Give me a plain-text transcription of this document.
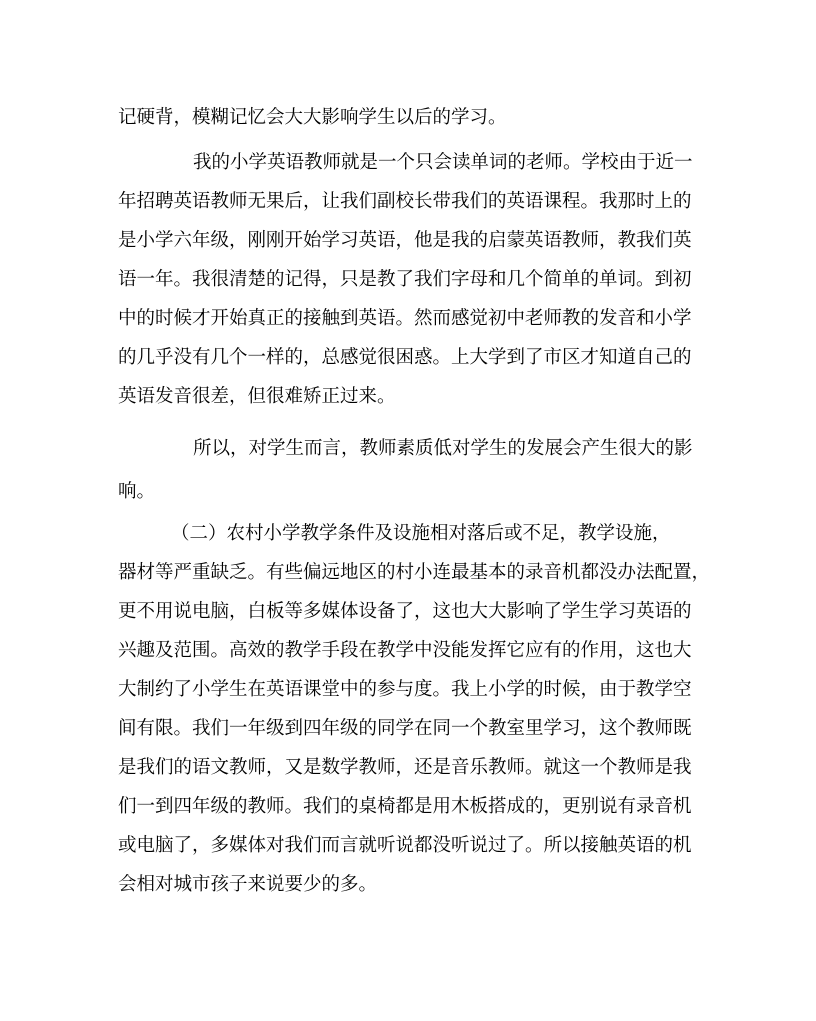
记硬背，模糊记忆会大大影响学生以后的学习。
我的小学英语教师就是一个只会读单词的老师。学校由于近一
年招聘英语教师无果后，让我们副校长带我们的英语课程。我那时上的
是小学六年级，刚刚开始学习英语，他是我的启蒙英语教师，教我们英
语一年。我很清楚的记得，只是教了我们字母和几个简单的单词。到初
中的时候才开始真正的接触到英语。然而感觉初中老师教的发音和小学
的几乎没有几个一样的，总感觉很困惑。上大学到了市区才知道自己的
英语发音很差，但很难矫正过来。
所以，对学生而言，教师素质低对学生的发展会产生很大的影
响。
（二）农村小学教学条件及设施相对落后或不足，教学设施，
器材等严重缺乏。有些偏远地区的村小连最基本的录音机都没办法配置，
更不用说电脑，白板等多媒体设备了，这也大大影响了学生学习英语的
兴趣及范围。高效的教学手段在教学中没能发挥它应有的作用，这也大
大制约了小学生在英语课堂中的参与度。我上小学的时候，由于教学空
间有限。我们一年级到四年级的同学在同一个教室里学习，这个教师既
是我们的语文教师，又是数学教师，还是音乐教师。就这一个教师是我
们一到四年级的教师。我们的桌椅都是用木板搭成的，更别说有录音机
或电脑了，多媒体对我们而言就听说都没听说过了。所以接触英语的机
会相对城市孩子来说要少的多。
